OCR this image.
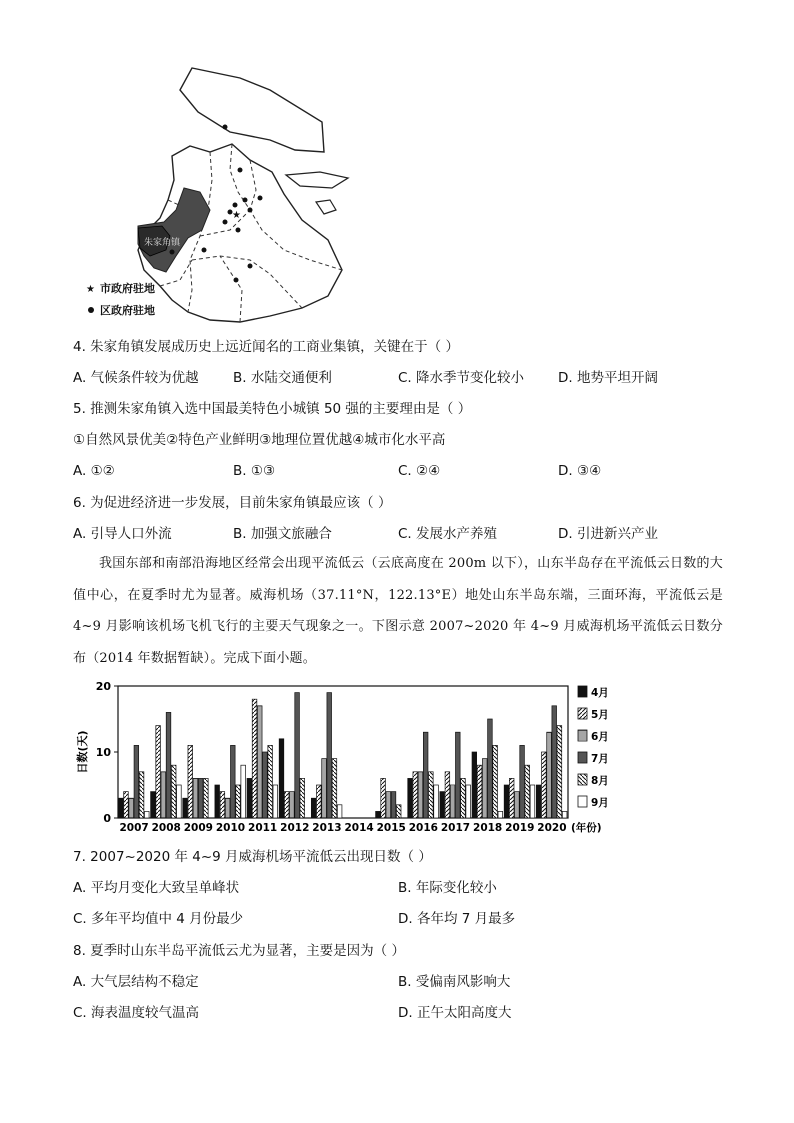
朱家角镇
★
★ 市政府驻地
区政府驻地
4. 朱家角镇发展成历史上远近闻名的工商业集镇，关键在于（ ）
A. 气候条件较为优越	B. 水陆交通便利	C. 降水季节变化较小	D. 地势平坦开阔
5. 推测朱家角镇入选中国最美特色小城镇 50 强的主要理由是（ ）
①自然风景优美②特色产业鲜明③地理位置优越④城市化水平高
A. ①②	B. ①③	C. ②④	D. ③④
6. 为促进经济进一步发展，目前朱家角镇最应该（ ）
A. 引导人口外流	B. 加强文旅融合	C. 发展水产养殖	D. 引进新兴产业

我国东部和南部沿海地区经常会出现平流低云（云底高度在 200m 以下），山东半岛存在平流低云日数的大值中心，在夏季时尤为显著。威海机场（37.11°N，122.13°E）地处山东半岛东端，三面环海，平流低云是 4~9 月影响该机场飞机飞行的主要天气现象之一。下图示意 2007~2020 年 4~9 月威海机场平流低云日数分布（2014 年数据暂缺）。完成下面小题。

0
10
20
日数(天)
2007 2008 2009 2010 2011 2012 2013 2014 2015 2016 2017 2018 2019 2020 (年份)
4月
5月
6月
7月
8月
9月
7. 2007~2020 年 4~9 月威海机场平流低云出现日数（ ）
A. 平均月变化大致呈单峰状	B. 年际变化较小
C. 多年平均值中 4 月份最少	D. 各年均 7 月最多
8. 夏季时山东半岛平流低云尤为显著，主要是因为（ ）
A. 大气层结构不稳定	B. 受偏南风影响大
C. 海表温度较气温高	D. 正午太阳高度大
